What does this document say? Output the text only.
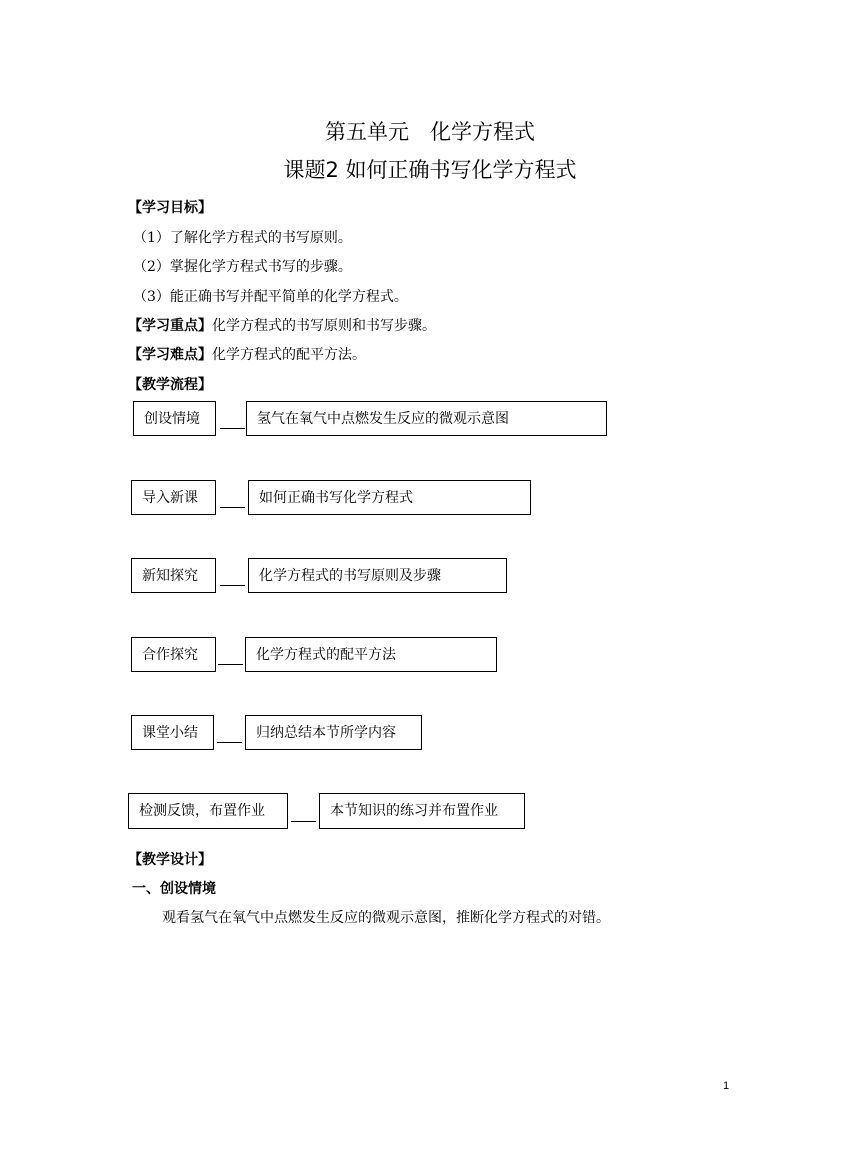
第五单元　化学方程式
课题2 如何正确书写化学方程式
【学习目标】
（1）了解化学方程式的书写原则。
（2）掌握化学方程式书写的步骤。
（3）能正确书写并配平简单的化学方程式。
【学习重点】化学方程式的书写原则和书写步骤。
【学习难点】化学方程式的配平方法。
【教学流程】
创设情境	氢气在氧气中点燃发生反应的微观示意图
导入新课	如何正确书写化学方程式
新知探究	化学方程式的书写原则及步骤
合作探究	化学方程式的配平方法
课堂小结	归纳总结本节所学内容
检测反馈，布置作业	本节知识的练习并布置作业
【教学设计】
一、创设情境
观看氢气在氧气中点燃发生反应的微观示意图，推断化学方程式的对错。
1
